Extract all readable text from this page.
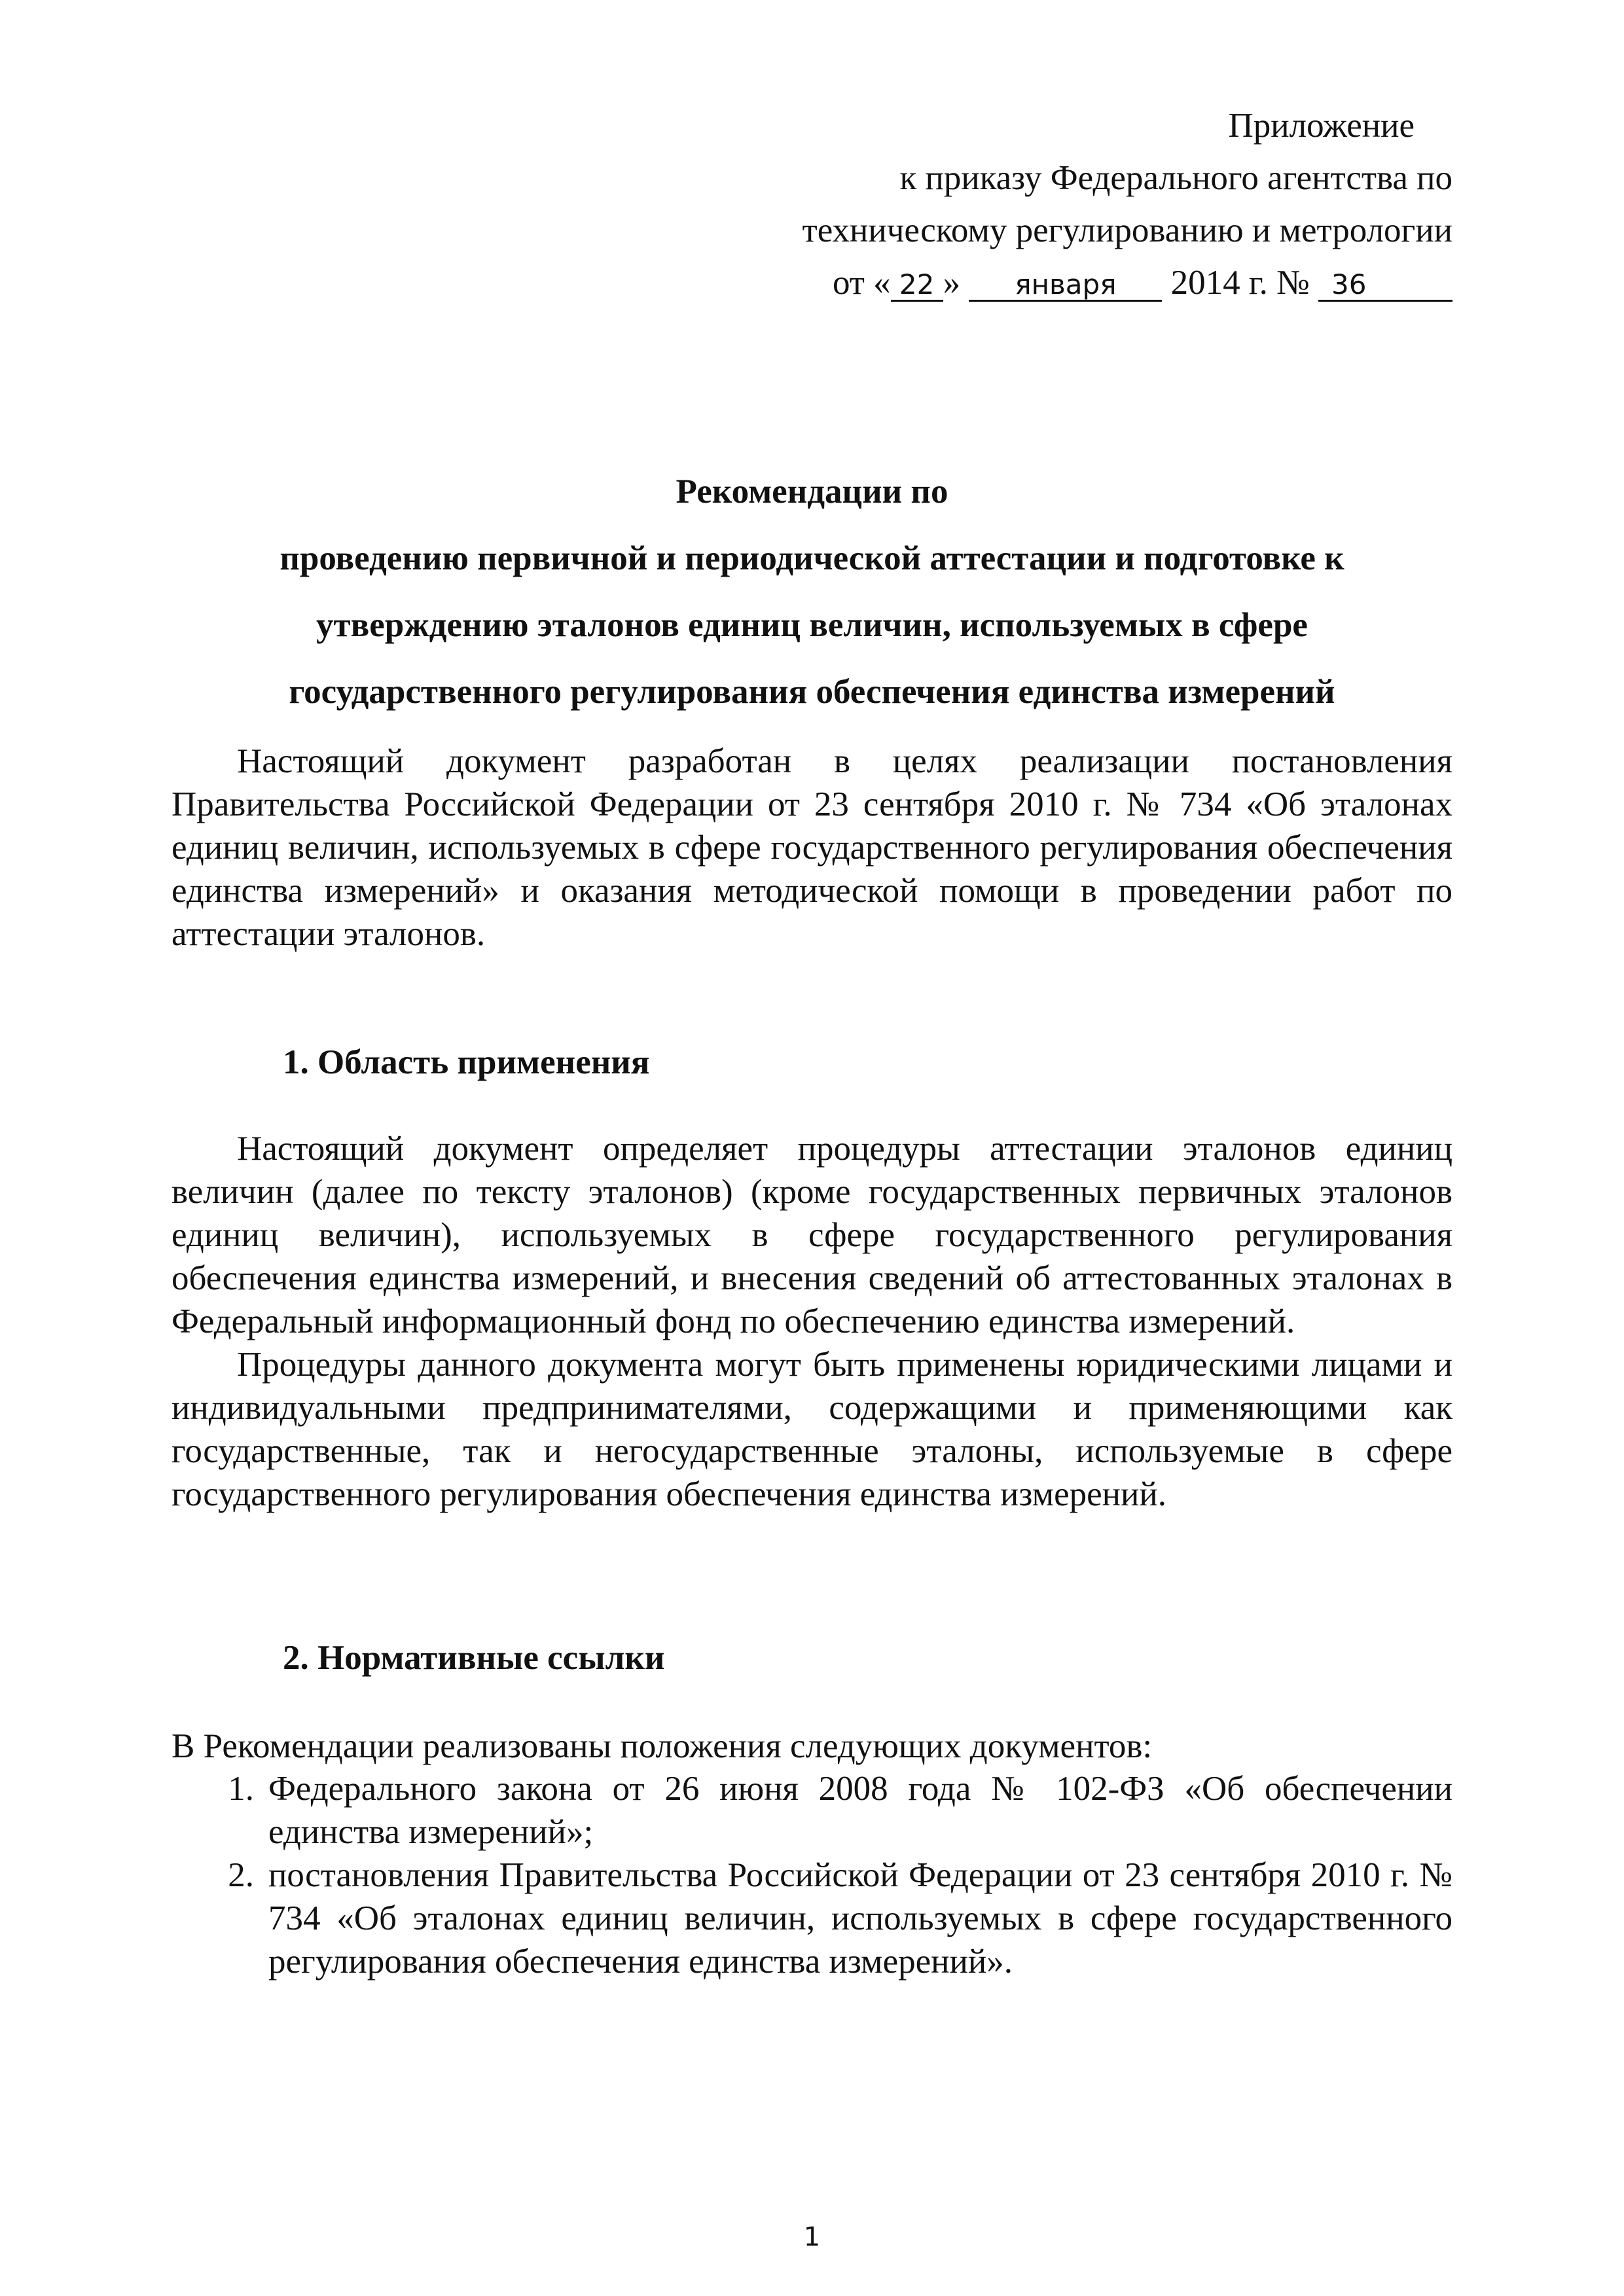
Приложение
к приказу Федерального агентства по
техническому регулированию и метрологии
от « 22 » января 2014 г. № 36
Рекомендации по
проведению первичной и периодической аттестации и подготовке к
утверждению эталонов единиц величин, используемых в сфере
государственного регулирования обеспечения единства измерений

Настоящий документ разработан в целях реализации постановления Правительства Российской Федерации от 23 сентября 2010 г. № 734 «Об эталонах единиц величин, используемых в сфере государственного регулирования обеспечения единства измерений» и оказания методической помощи в проведении работ по аттестации эталонов.

1. Область применения

Настоящий документ определяет процедуры аттестации эталонов единиц величин (далее по тексту эталонов) (кроме государственных первичных эталонов единиц величин), используемых в сфере государственного регулирования обеспечения единства измерений, и внесения сведений об аттестованных эталонах в Федеральный информационный фонд по обеспечению единства измерений.

Процедуры данного документа могут быть применены юридическими лицами и индивидуальными предпринимателями, содержащими и применяющими как государственные, так и негосударственные эталоны, используемые в сфере государственного регулирования обеспечения единства измерений.

2. Нормативные ссылки
В Рекомендации реализованы положения следующих документов:
1. Федерального закона от 26 июня 2008 года № 102-ФЗ «Об обеспечении единства измерений»;
2. постановления Правительства Российской Федерации от 23 сентября 2010 г. № 734 «Об эталонах единиц величин, используемых в сфере государственного регулирования обеспечения единства измерений».
1
